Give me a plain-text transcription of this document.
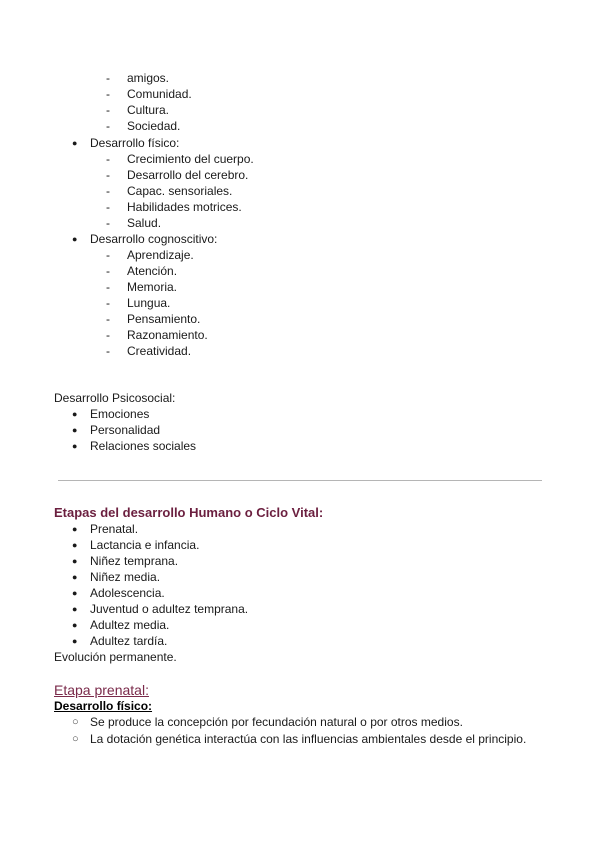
- amigos.
- Comunidad.
- Cultura.
- Sociedad.
● Desarrollo físico:
- Crecimiento del cuerpo.
- Desarrollo del cerebro.
- Capac. sensoriales.
- Habilidades motrices.
- Salud.
● Desarrollo cognoscitivo:
- Aprendizaje.
- Atención.
- Memoria.
- Lungua.
- Pensamiento.
- Razonamiento.
- Creatividad.
Desarrollo Psicosocial:
● Emociones
● Personalidad
● Relaciones sociales
Etapas del desarrollo Humano o Ciclo Vital:
● Prenatal.
● Lactancia e infancia.
● Niñez temprana.
● Niñez media.
● Adolescencia.
● Juventud o adultez temprana.
● Adultez media.
● Adultez tardía.
Evolución permanente.
Etapa prenatal:
Desarrollo físico:
○ Se produce la concepción por fecundación natural o por otros medios.
○ La dotación genética interactúa con las influencias ambientales desde el principio.
